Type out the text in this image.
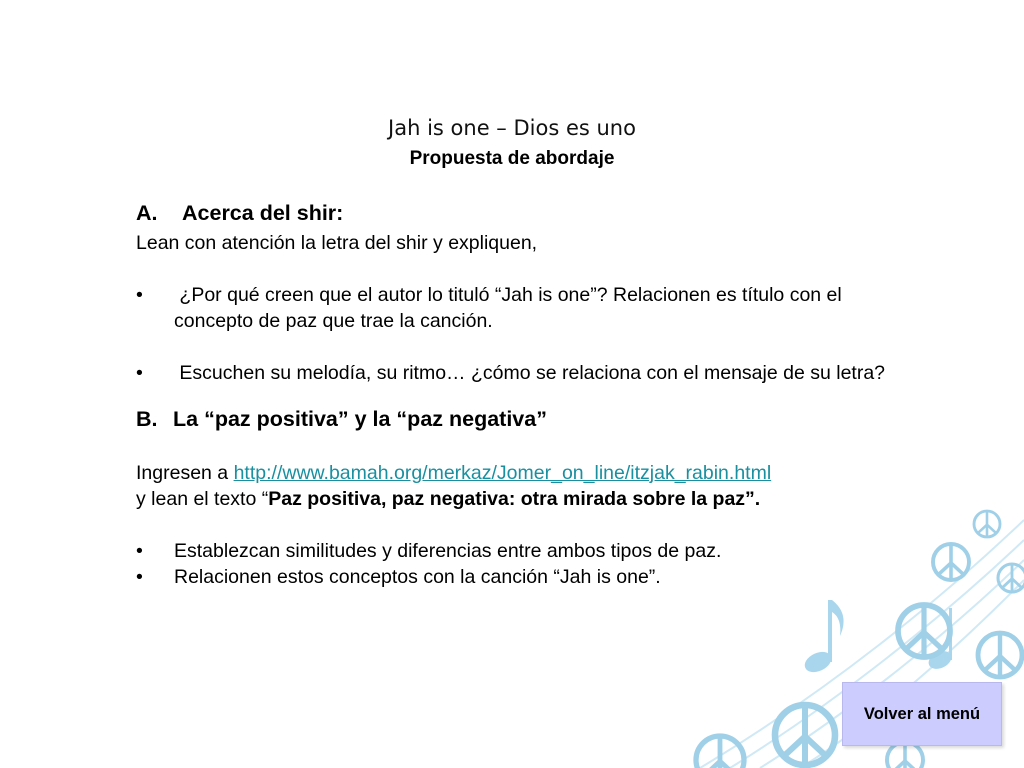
Jah is one – Dios es uno
Propuesta de abordaje
A. Acerca del shir:
Lean con atención la letra del shir y expliquen,
• ¿Por qué creen que el autor lo tituló “Jah is one”? Relacionen es título con el concepto de paz que trae la canción.
• Escuchen su melodía, su ritmo… ¿cómo se relaciona con el mensaje de su letra?
B. La “paz positiva” y la “paz negativa”
Ingresen a http://www.bamah.org/merkaz/Jomer_on_line/itzjak_rabin.html
y lean el texto “Paz positiva, paz negativa: otra mirada sobre la paz”.
• Establezcan similitudes y diferencias entre ambos tipos de paz.
• Relacionen estos conceptos con la canción “Jah is one”.
Volver al menú
